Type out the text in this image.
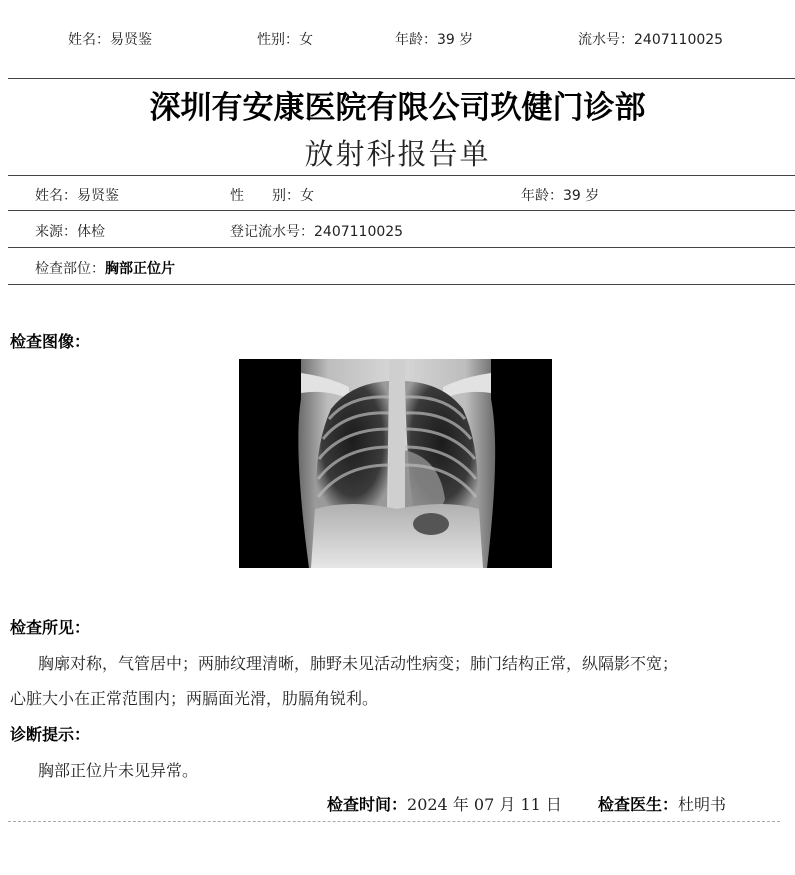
姓名：易贤鉴	性别：女	年龄：39 岁	流水号：2407110025
深圳有安康医院有限公司玖健门诊部
放射科报告单
姓名：易贤鉴	性　　别：女	年龄：39 岁
来源：体检	登记流水号：2407110025
检查部位：胸部正位片
检查图像：
检查所见：
胸廓对称，气管居中；两肺纹理清晰，肺野未见活动性病变；肺门结构正常，纵隔影不宽；
心脏大小在正常范围内；两膈面光滑，肋膈角锐利。
诊断提示：
胸部正位片未见异常。
检查时间：2024 年 07 月 11 日 检查医生：杜明书
